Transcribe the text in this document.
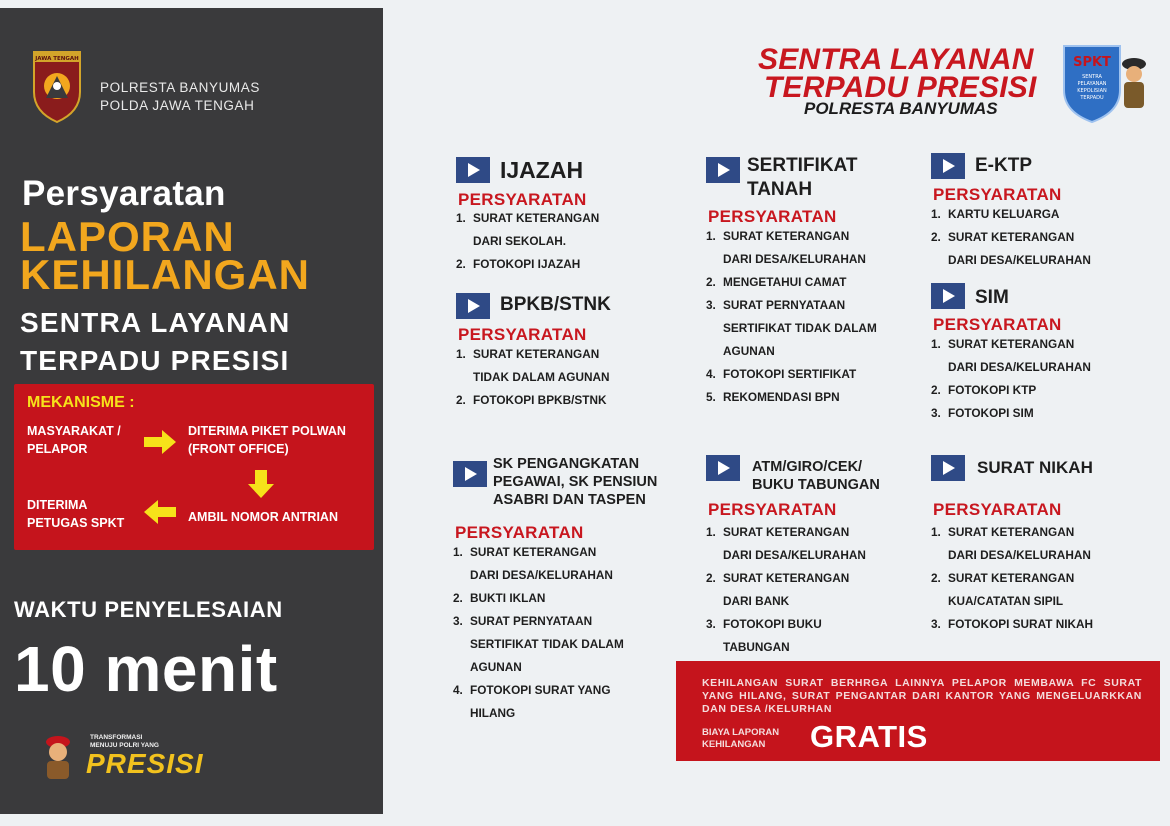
JAWA TENGAH
POLRESTA BANYUMAS
POLDA JAWA TENGAH
Persyaratan
LAPORAN
KEHILANGAN
SENTRA LAYANAN
TERPADU PRESISI
MEKANISME :
MASYARAKAT /
PELAPOR
DITERIMA PIKET POLWAN
(FRONT OFFICE)
AMBIL NOMOR ANTRIAN
DITERIMA
PETUGAS SPKT
WAKTU PENYELESAIAN
10 menit
TRANSFORMASI
MENUJU POLRI YANG
PRESISI
SENTRA LAYANAN
TERPADU PRESISI
POLRESTA BANYUMAS
SPKT
SENTRA
PELAYANAN
KEPOLISIAN
TERPADU
IJAZAH
PERSYARATAN
1. SURAT KETERANGAN
DARI SEKOLAH.
2. FOTOKOPI IJAZAH
BPKB/STNK
PERSYARATAN
1. SURAT KETERANGAN
TIDAK DALAM AGUNAN
2. FOTOKOPI BPKB/STNK
SERTIFIKAT
TANAH
PERSYARATAN
1. SURAT KETERANGAN
DARI DESA/KELURAHAN
2. MENGETAHUI CAMAT
3. SURAT PERNYATAAN
SERTIFIKAT TIDAK DALAM
AGUNAN
4. FOTOKOPI SERTIFIKAT
5. REKOMENDASI BPN
E-KTP
PERSYARATAN
1. KARTU KELUARGA
2. SURAT KETERANGAN
DARI DESA/KELURAHAN
SIM
PERSYARATAN
1. SURAT KETERANGAN
DARI DESA/KELURAHAN
2. FOTOKOPI KTP
3. FOTOKOPI SIM
SK PENGANGKATAN
PEGAWAI, SK PENSIUN
ASABRI DAN TASPEN
PERSYARATAN
1. SURAT KETERANGAN
DARI DESA/KELURAHAN
2. BUKTI IKLAN
3. SURAT PERNYATAAN
SERTIFIKAT TIDAK DALAM
AGUNAN
4. FOTOKOPI SURAT YANG
HILANG
ATM/GIRO/CEK/
BUKU TABUNGAN
PERSYARATAN
1. SURAT KETERANGAN
DARI DESA/KELURAHAN
2. SURAT KETERANGAN
DARI BANK
3. FOTOKOPI BUKU
TABUNGAN
SURAT NIKAH
PERSYARATAN
1. SURAT KETERANGAN
DARI DESA/KELURAHAN
2. SURAT KETERANGAN
KUA/CATATAN SIPIL
3. FOTOKOPI SURAT NIKAH
KEHILANGAN SURAT BERHRGA LAINNYA PELAPOR MEMBAWA FC SURAT YANG HILANG, SURAT PENGANTAR DARI KANTOR YANG MENGELUARKKAN DAN DESA /KELURHAN
BIAYA LAPORAN
KEHILANGAN	GRATIS
